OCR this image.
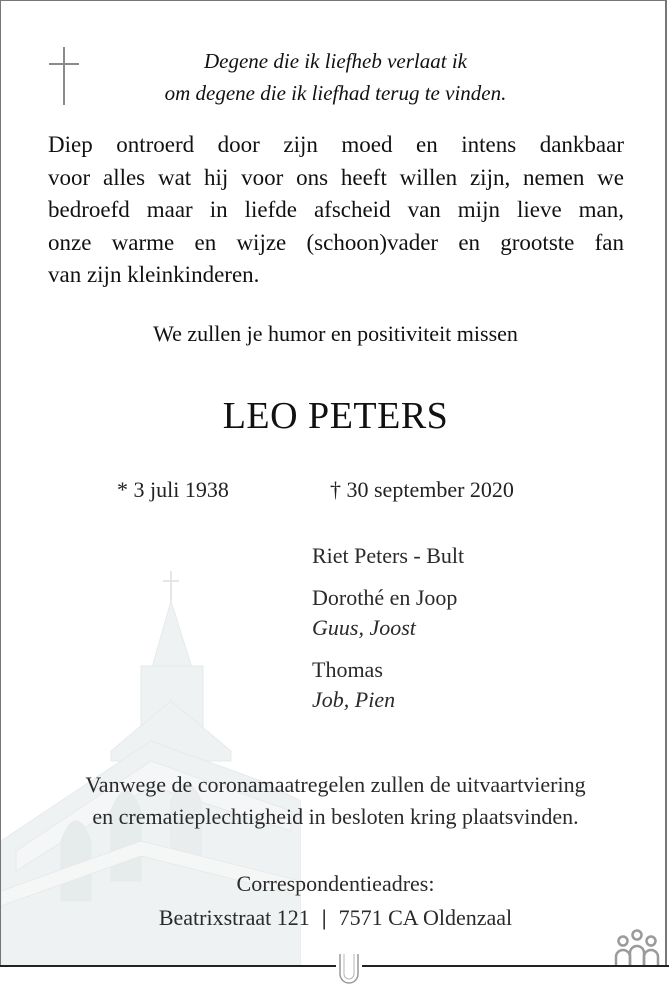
Degene die ik liefheb verlaat ik
om degene die ik liefhad terug te vinden.
Diep ontroerd door zijn moed en intens dankbaar
voor alles wat hij voor ons heeft willen zijn, nemen we
bedroefd maar in liefde afscheid van mijn lieve man,
onze warme en wijze (schoon)vader en grootste fan
van zijn kleinkinderen.
We zullen je humor en positiviteit missen
LEO PETERS
* 3 juli 1938	† 30 september 2020
Riet Peters - Bult
Dorothé en Joop
Guus, Joost
Thomas
Job, Pien
Vanwege de coronamaatregelen zullen de uitvaartviering
en crematieplechtigheid in besloten kring plaatsvinden.
Correspondentieadres:
Beatrixstraat 121 | 7571 CA Oldenzaal
